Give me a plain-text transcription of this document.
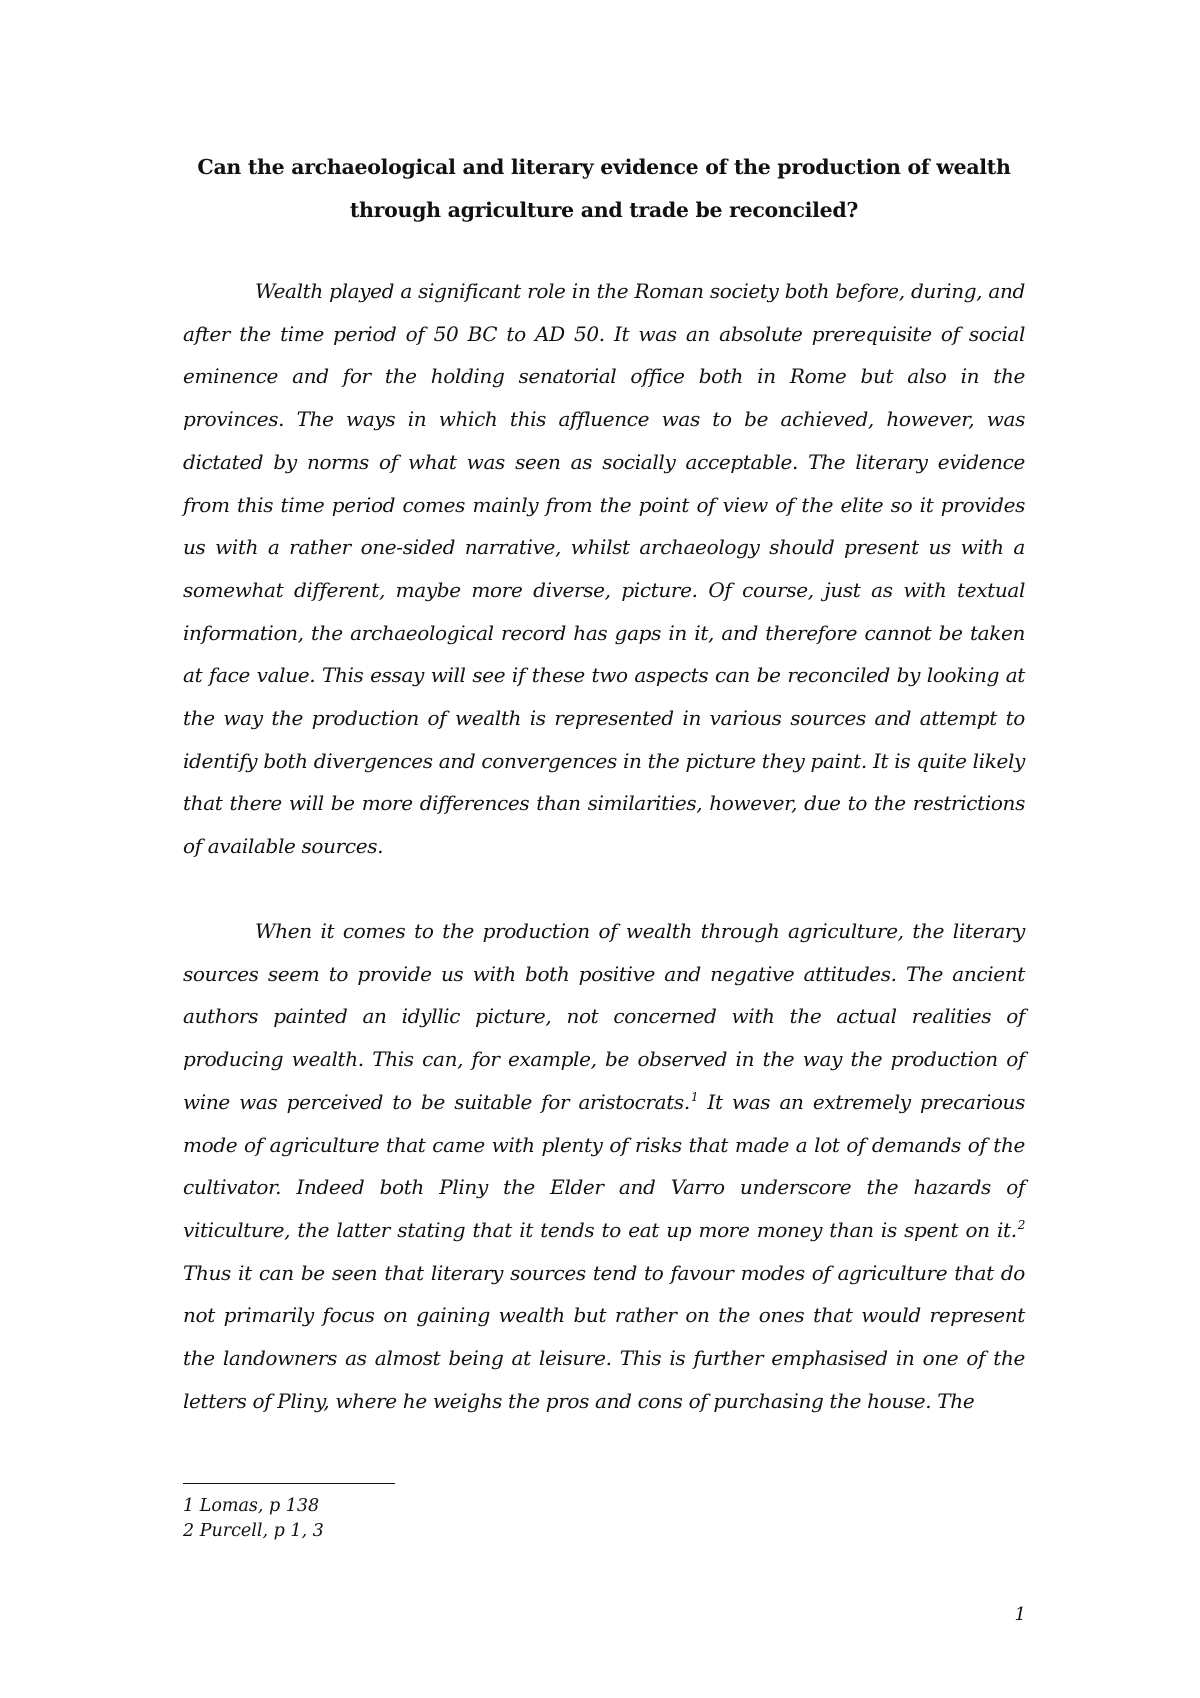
Can the archaeological and literary evidence of the production of wealth
through agriculture and trade be reconciled?

Wealth played a significant role in the Roman society both before, during, and after the time period of 50 BC to AD 50. It was an absolute prerequisite of social eminence and for the holding senatorial office both in Rome but also in the provinces. The ways in which this affluence was to be achieved, however, was dictated by norms of what was seen as socially acceptable. The literary evidence from this time period comes mainly from the point of view of the elite so it provides us with a rather one-sided narrative, whilst archaeology should present us with a somewhat different, maybe more diverse, picture. Of course, just as with textual information, the archaeological record has gaps in it, and therefore cannot be taken at face value. This essay will see if these two aspects can be reconciled by looking at the way the production of wealth is represented in various sources and attempt to identify both divergences and convergences in the picture they paint. It is quite likely that there will be more differences than similarities, however, due to the restrictions of available sources.

When it comes to the production of wealth through agriculture, the literary sources seem to provide us with both positive and negative attitudes. The ancient authors painted an idyllic picture, not concerned with the actual realities of producing wealth. This can, for example, be observed in the way the production of wine was perceived to be suitable for aristocrats.$^1$ It was an extremely precarious mode of agriculture that came with plenty of risks that made a lot of demands of the cultivator. Indeed both Pliny the Elder and Varro underscore the hazards of viticulture, the latter stating that it tends to eat up more money than is spent on it.$^2$ Thus it can be seen that literary sources tend to favour modes of agriculture that do not primarily focus on gaining wealth but rather on the ones that would represent the landowners as almost being at leisure. This is further emphasised in one of the letters of Pliny, where he weighs the pros and cons of purchasing the house. The

1 Lomas, p 138
2 Purcell, p 1, 3
1
